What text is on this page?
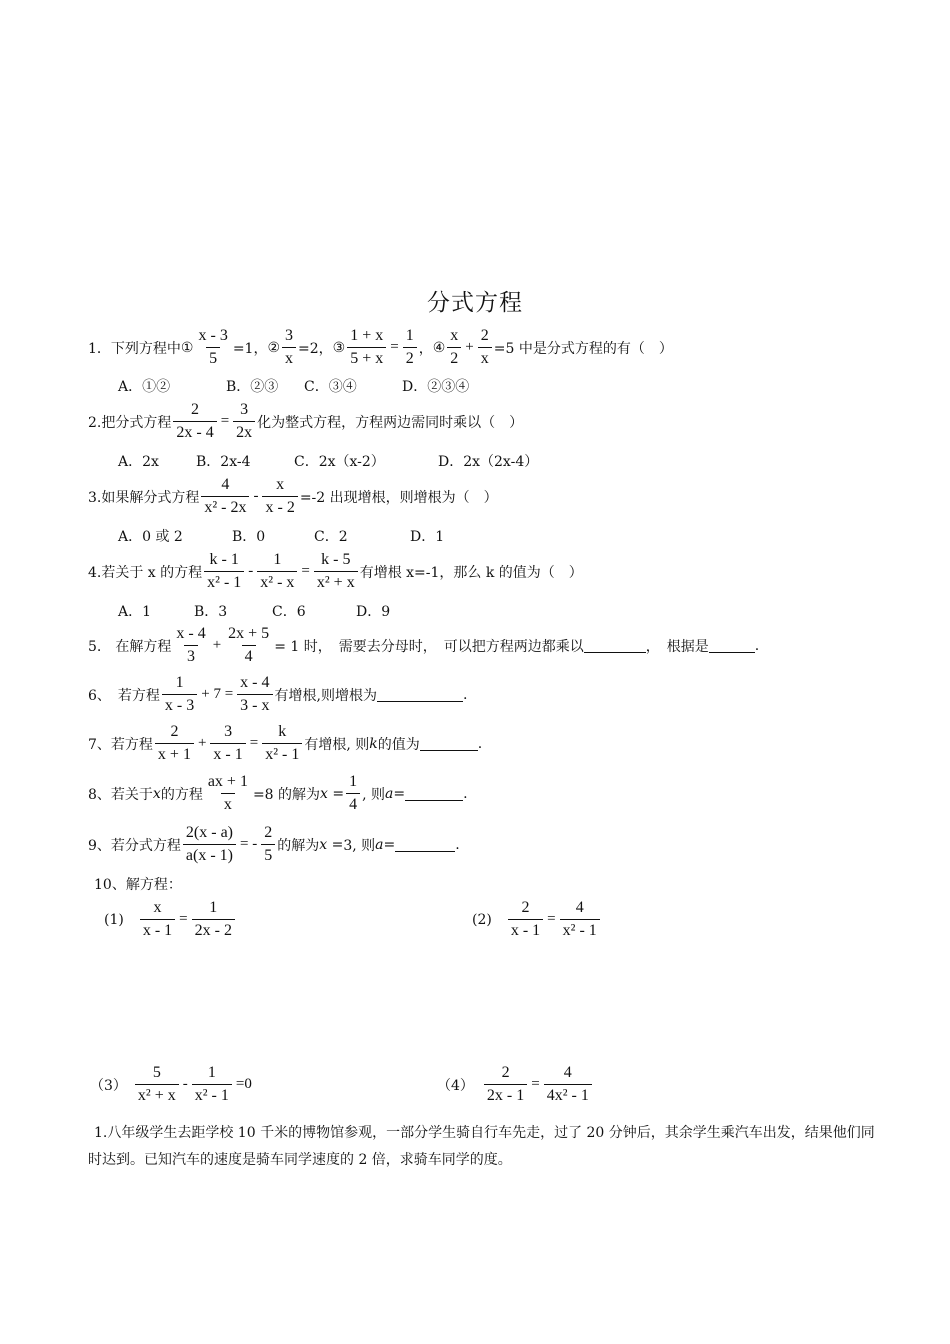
分式方程
1．下列方程中 ① $\frac{x - 3}{5} =1$， ② $\frac{3}{x} =2$， ③ $\frac{1 + x}{5 + x} = \frac{1}{2}$ ， ④ $\frac{x}{2} + \frac{2}{x} =5$ 中是分式方程的有（　）
A．①②	B．②③ C．③④	D．②③④
2.把分式方程 $\frac{2}{2x - 4} = \frac{3}{2x}$ 化为整式方程，方程两边需同时乘以（　）
A．2x	B．2x-4	C．2x（x-2）	D．2x（2x-4）
3.如果解分式方程 $\frac{4}{\text{x² - 2x}} - \frac{x}{x - 2} =-2$ 出现增根，则增根为（　）
A．0 或 2	B．0	C．2	D．1
4.若关于 x 的方程 $\frac{k - 1}{\text{x² - 1}} - \frac{1}{\text{x² - x}} = \frac{k - 5}{\text{x² + x}}$ 有增根 x=-1，那么 k 的值为（　）
A．1	B．3	C．6	D．9
5.　在解方程 $\frac{x - 4}{3} + \frac{2x + 5}{4} = 1$ 时，　需要去分母时，　可以把方程两边都乘以	，　根据是	.
6、　若方程 $\frac{1}{x - 3} + 7 = \frac{x - 4}{3 - x}$ 有增根,则增根为	.
7、若方程 $\frac{2}{x + 1} + \frac{3}{x - 1} = \frac{k}{\text{x² - 1}}$ 有增根, 则 k 的值为	.
8、若关于 x 的方程 $\frac{ax + 1}{x} =8$ 的解为 $x = \frac{1}{4}$ , 则 a =	.
9、若分式方程 $\frac{2(x - a)}{a(x - 1)}$ = - $\frac{2}{5}$ 的解为 x = 3, 则 a =	.
10、解方程：
$(1) \frac{x}{x - 1} = \frac{1}{2x - 2}$	$(2) \frac{2}{x - 1} = \frac{4}{\text{x² - 1}}$
$(3) \frac{5}{\text{x² + x}} - \frac{1}{\text{x² - 1}} =0$	$(4) \frac{2}{2x - 1} = \frac{4}{\text{4x² - 1}}$
1.八年级学生去距学校 10 千米的博物馆参观，一部分学生骑自行车先走，过了 20 分钟后，其余学生乘汽车出发，结果他们同时达到。已知汽车的速度是骑车同学速度的 2 倍，求骑车同学的度。
